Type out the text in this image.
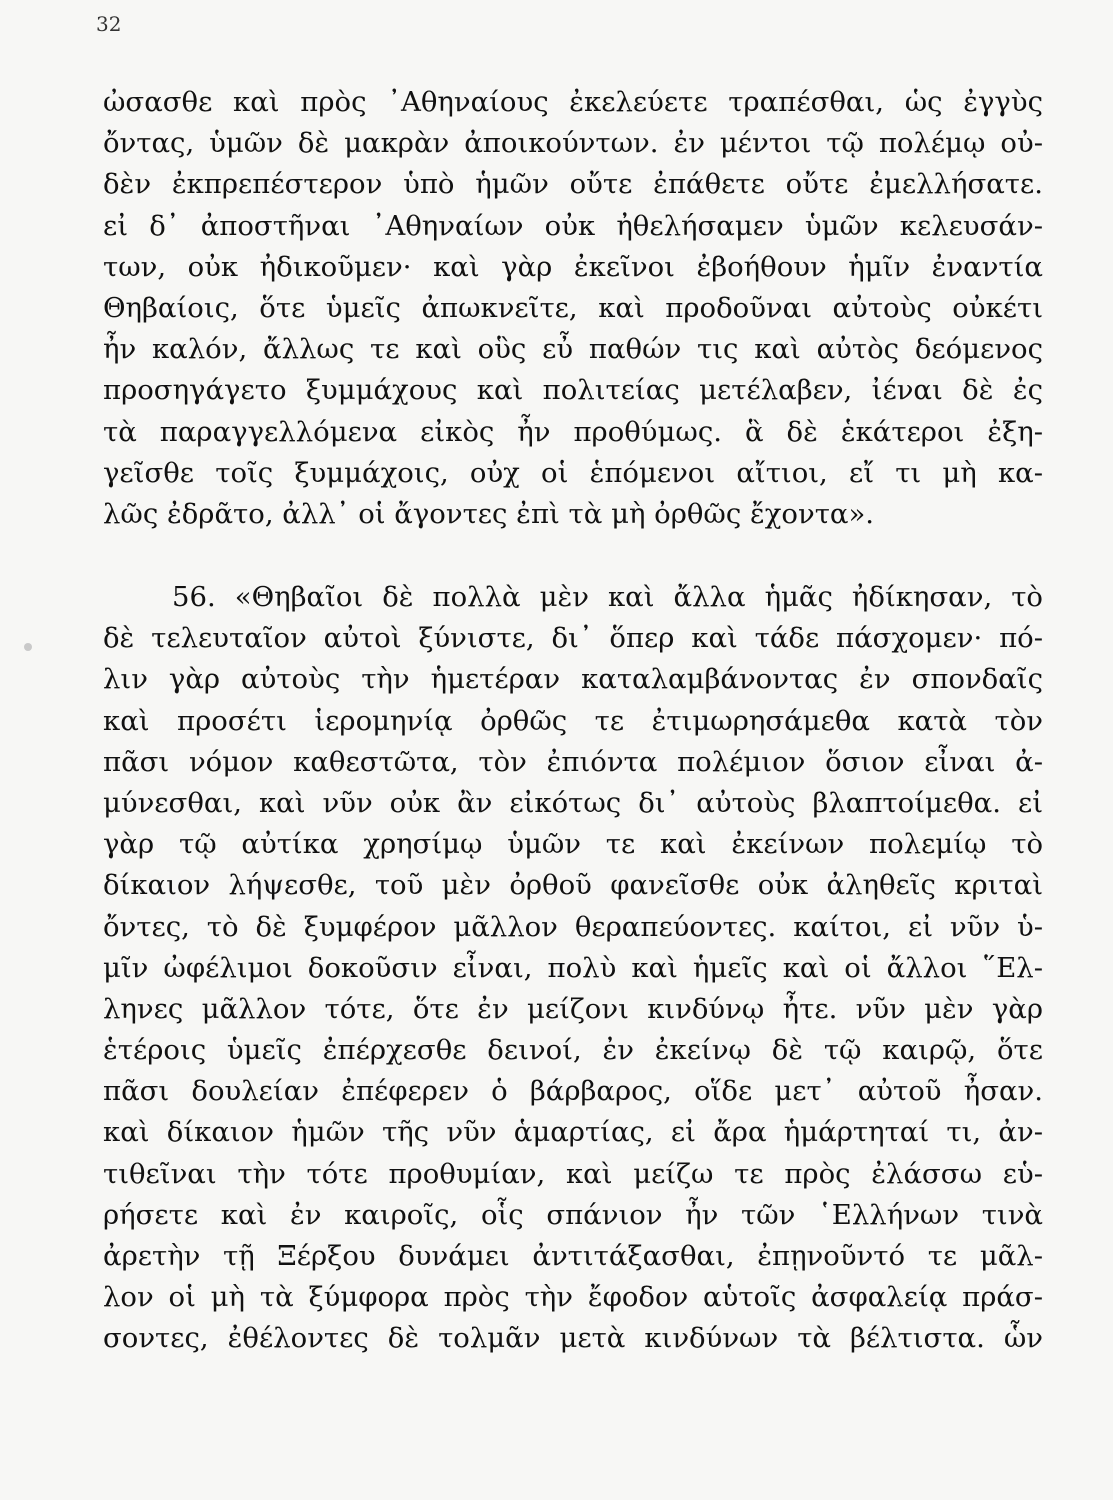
32
ὠσασθε καὶ πρὸς ᾿Αθηναίους ἐκελεύετε τραπέσθαι, ὡς ἐγγὺς
ὄντας, ὑμῶν δὲ μακρὰν ἀποικούντων. ἐν μέντοι τῷ πολέμῳ οὐ-
δὲν ἐκπρεπέστερον ὑπὸ ἡμῶν οὔτε ἐπάθετε οὔτε ἐμελλήσατε.
εἰ δ᾿ ἀποστῆναι ᾿Αθηναίων οὐκ ἠθελήσαμεν ὑμῶν κελευσάν-
των, οὐκ ἠδικοῦμεν· καὶ γὰρ ἐκεῖνοι ἐβοήθουν ἡμῖν ἐναντία
Θηβαίοις, ὅτε ὑμεῖς ἀπωκνεῖτε, καὶ προδοῦναι αὐτοὺς οὐκέτι
ἦν καλόν, ἄλλως τε καὶ οὓς εὖ παθών τις καὶ αὐτὸς δεόμενος
προσηγάγετο ξυμμάχους καὶ πολιτείας μετέλαβεν, ἰέναι δὲ ἐς
τὰ παραγγελλόμενα εἰκὸς ἦν προθύμως. ἃ δὲ ἑκάτεροι ἐξη-
γεῖσθε τοῖς ξυμμάχοις, οὐχ οἱ ἑπόμενοι αἴτιοι, εἴ τι μὴ κα-
λῶς ἐδρᾶτο, ἀλλ᾿ οἱ ἄγοντες ἐπὶ τὰ μὴ ὀρθῶς ἔχοντα».
56. «Θηβαῖοι δὲ πολλὰ μὲν καὶ ἄλλα ἡμᾶς ἠδίκησαν, τὸ
δὲ τελευταῖον αὐτοὶ ξύνιστε, δι᾿ ὅπερ καὶ τάδε πάσχομεν· πό-
λιν γὰρ αὐτοὺς τὴν ἡμετέραν καταλαμβάνοντας ἐν σπονδαῖς
καὶ προσέτι ἱερομηνίᾳ ὀρθῶς τε ἐτιμωρησάμεθα κατὰ τὸν
πᾶσι νόμον καθεστῶτα, τὸν ἐπιόντα πολέμιον ὅσιον εἶναι ἀ-
μύνεσθαι, καὶ νῦν οὐκ ἂν εἰκότως δι᾿ αὐτοὺς βλαπτοίμεθα. εἰ
γὰρ τῷ αὐτίκα χρησίμῳ ὑμῶν τε καὶ ἐκείνων πολεμίῳ τὸ
δίκαιον λήψεσθε, τοῦ μὲν ὀρθοῦ φανεῖσθε οὐκ ἀληθεῖς κριταὶ
ὄντες, τὸ δὲ ξυμφέρον μᾶλλον θεραπεύοντες. καίτοι, εἰ νῦν ὑ-
μῖν ὠφέλιμοι δοκοῦσιν εἶναι, πολὺ καὶ ἡμεῖς καὶ οἱ ἄλλοι ῞Ελ-
ληνες μᾶλλον τότε, ὅτε ἐν μείζονι κινδύνῳ ἦτε. νῦν μὲν γὰρ
ἑτέροις ὑμεῖς ἐπέρχεσθε δεινοί, ἐν ἐκείνῳ δὲ τῷ καιρῷ, ὅτε
πᾶσι δουλείαν ἐπέφερεν ὁ βάρβαρος, οἵδε μετ᾿ αὐτοῦ ἦσαν.
καὶ δίκαιον ἡμῶν τῆς νῦν ἁμαρτίας, εἰ ἄρα ἡμάρτηταί τι, ἀν-
τιθεῖναι τὴν τότε προθυμίαν, καὶ μείζω τε πρὸς ἐλάσσω εὑ-
ρήσετε καὶ ἐν καιροῖς, οἷς σπάνιον ἦν τῶν ῾Ελλήνων τινὰ
ἀρετὴν τῇ Ξέρξου δυνάμει ἀντιτάξασθαι, ἐπῃνοῦντό τε μᾶλ-
λον οἱ μὴ τὰ ξύμφορα πρὸς τὴν ἔφοδον αὑτοῖς ἀσφαλείᾳ πράσ-
σοντες, ἐθέλοντες δὲ τολμᾶν μετὰ κινδύνων τὰ βέλτιστα. ὧν
